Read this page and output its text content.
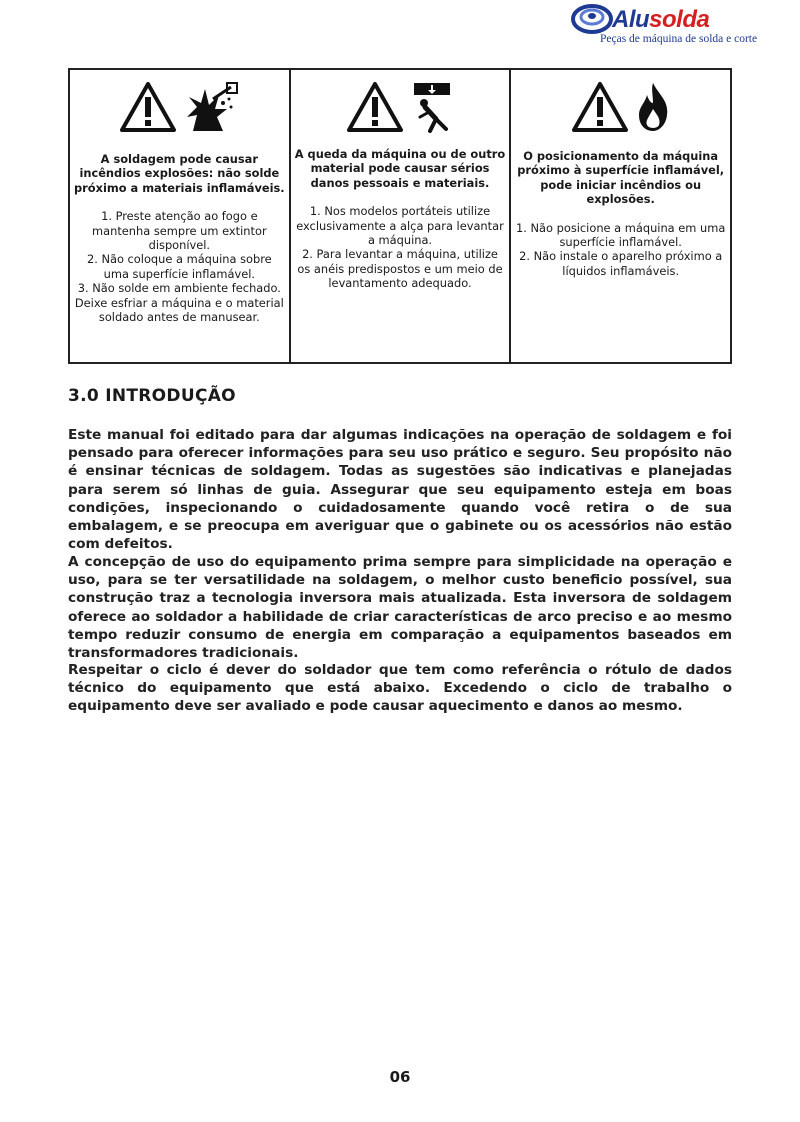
Alusolda
Peças de máquina de solda e corte

A soldagem pode causar incêndios explosões: não solde próximo a materiais inflamáveis.

1. Preste atenção ao fogo e mantenha sempre um extintor disponível.

2. Não coloque a máquina sobre uma superfície inflamável.

3. Não solde em ambiente fechado.

Deixe esfriar a máquina e o material soldado antes de manusear.

A queda da máquina ou de outro material pode causar sérios danos pessoais e materiais.

1. Nos modelos portáteis utilize exclusivamente a alça para levantar

a máquina.

2. Para levantar a máquina, utilize os anéis predispostos e um meio de levantamento adequado.

O posicionamento da máquina próximo à superfície inflamável, pode iniciar incêndios ou explosões.

1. Não posicione a máquina em uma superfície inflamável.

2. Não instale o aparelho próximo a líquidos inflamáveis.

3.0 INTRODUÇÃO

Este manual foi editado para dar algumas indicações na operação de soldagem e foi pensado para oferecer informações para seu uso prático e seguro. Seu propósito não é ensinar técnicas de soldagem. Todas as sugestões são indicativas e planejadas para serem só linhas de guia. Assegurar que seu equipamento esteja em boas condições, inspecionando o cuidadosamente quando você retira o de sua embalagem, e se preocupa em averiguar que o gabinete ou os acessórios não estão com defeitos.

A concepção de uso do equipamento prima sempre para simplicidade na operação e uso, para se ter versatilidade na soldagem, o melhor custo beneficio possível, sua construção traz a tecnologia inversora mais atualizada. Esta inversora de soldagem oferece ao soldador a habilidade de criar características de arco preciso e ao mesmo tempo reduzir consumo de energia em comparação a equipamentos baseados em transformadores tradicionais.

Respeitar o ciclo é dever do soldador que tem como referência o rótulo de dados técnico do equipamento que está abaixo. Excedendo o ciclo de trabalho o equipamento deve ser avaliado e pode causar aquecimento e danos ao mesmo.

06
